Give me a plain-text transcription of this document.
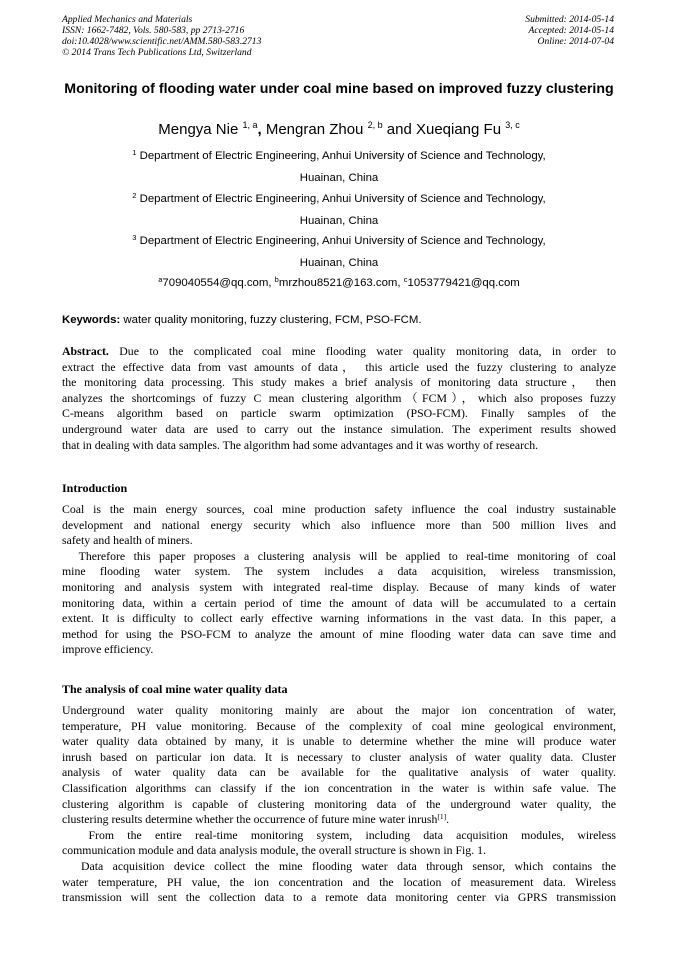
Applied Mechanics and Materials
ISSN: 1662-7482, Vols. 580-583, pp 2713-2716
doi:10.4028/www.scientific.net/AMM.580-583.2713
© 2014 Trans Tech Publications Ltd, Switzerland
Submitted: 2014-05-14
Accepted: 2014-05-14
Online: 2014-07-04
Monitoring of flooding water under coal mine based on improved fuzzy clustering
Mengya Nie $^{1, a}$, Mengran Zhou $^{2, b}$ and Xueqiang Fu $^{3, c}$
$^1$ Department of Electric Engineering, Anhui University of Science and Technology,
Huainan, China
$^2$ Department of Electric Engineering, Anhui University of Science and Technology,
Huainan, China
$^3$ Department of Electric Engineering, Anhui University of Science and Technology,
Huainan, China
$^a$709040554@qq.com, $^b$mrzhou8521@163.com, $^c$1053779421@qq.com
Keywords: water quality monitoring, fuzzy clustering, FCM, PSO-FCM.
Abstract. Due to the complicated coal mine flooding water quality monitoring data, in order to
extract the effective data from vast amounts of data， this article used the fuzzy clustering to analyze
the monitoring data processing. This study makes a brief analysis of monitoring data structure， then
analyzes the shortcomings of fuzzy C mean clustering algorithm（FCM），which also proposes fuzzy
C-means algorithm based on particle swarm optimization (PSO-FCM). Finally samples of the
underground water data are used to carry out the instance simulation. The experiment results showed
that in dealing with data samples. The algorithm had some advantages and it was worthy of research.
Introduction
Coal is the main energy sources, coal mine production safety influence the coal industry sustainable
development and national energy security which also influence more than 500 million lives and
safety and health of miners.
Therefore this paper proposes a clustering analysis will be applied to real-time monitoring of coal
mine flooding water system. The system includes a data acquisition, wireless transmission,
monitoring and analysis system with integrated real-time display. Because of many kinds of water
monitoring data, within a certain period of time the amount of data will be accumulated to a certain
extent. It is difficulty to collect early effective warning informations in the vast data. In this paper, a
method for using the PSO-FCM to analyze the amount of mine flooding water data can save time and
improve efficiency.
The analysis of coal mine water quality data
Underground water quality monitoring mainly are about the major ion concentration of water,
temperature, PH value monitoring. Because of the complexity of coal mine geological environment,
water quality data obtained by many, it is unable to determine whether the mine will produce water
inrush based on particular ion data. It is necessary to cluster analysis of water quality data. Cluster
analysis of water quality data can be available for the qualitative analysis of water quality.
Classification algorithms can classify if the ion concentration in the water is within safe value. The
clustering algorithm is capable of clustering monitoring data of the underground water quality, the
clustering results determine whether the occurrence of future mine water inrush[1].
From the entire real-time monitoring system, including data acquisition modules, wireless
communication module and data analysis module, the overall structure is shown in Fig. 1.
Data acquisition device collect the mine flooding water data through sensor, which contains the
water temperature, PH value, the ion concentration and the location of measurement data. Wireless
transmission will sent the collection data to a remote data monitoring center via GPRS transmission
